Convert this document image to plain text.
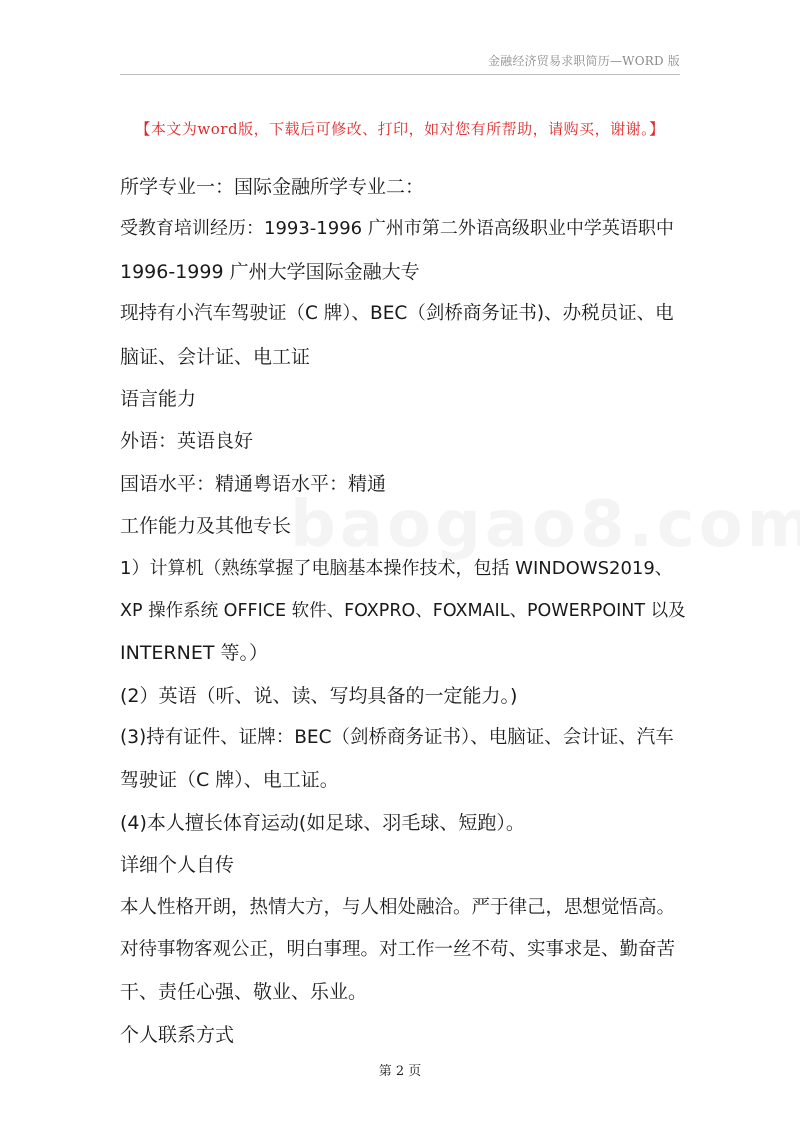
金融经济贸易求职简历—WORD 版
【本文为word版，下载后可修改、打印，如对您有所帮助，请购买，谢谢。】
所学专业一：国际金融所学专业二：
受教育培训经历：1993-1996 广州市第二外语高级职业中学英语职中
1996-1999 广州大学国际金融大专
现持有小汽车驾驶证（C 牌）、BEC（剑桥商务证书)、办税员证、电
脑证、会计证、电工证
语言能力
外语：英语良好
国语水平：精通粤语水平：精通
工作能力及其他专长
1）计算机（熟练掌握了电脑基本操作技术，包括 WINDOWS2019、
XP 操作系统 OFFICE 软件、FOXPRO、FOXMAIL、POWERPOINT 以及
INTERNET 等。）
(2）英语（听、说、读、写均具备的一定能力。)
(3)持有证件、证牌：BEC（剑桥商务证书）、电脑证、会计证、汽车
驾驶证（C 牌）、电工证。
(4)本人擅长体育运动(如足球、羽毛球、短跑）。
详细个人自传
本人性格开朗，热情大方，与人相处融洽。严于律己，思想觉悟高。
对待事物客观公正，明白事理。对工作一丝不苟、实事求是、勤奋苦
干、责任心强、敬业、乐业。
个人联系方式
第 2 页
